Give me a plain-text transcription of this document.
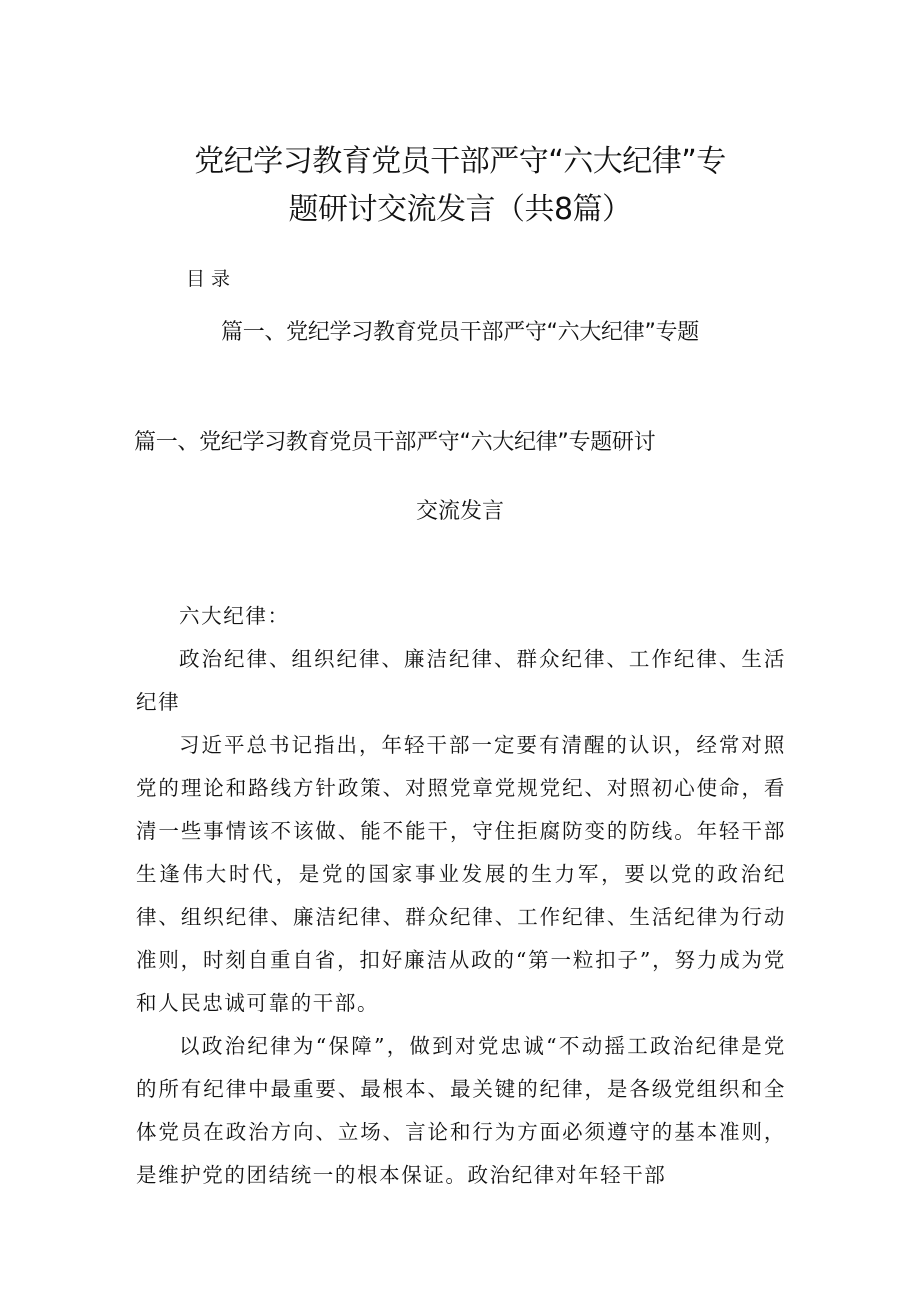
党纪学习教育党员干部严守“六大纪律”专
题研讨交流发言（共8篇）
目录
篇一、党纪学习教育党员干部严守“六大纪律”专题
篇一、党纪学习教育党员干部严守“六大纪律”专题研讨
交流发言

六大纪律：

政治纪律、组织纪律、廉洁纪律、群众纪律、工作纪律、生活纪律

习近平总书记指出，年轻干部一定要有清醒的认识，经常对照党的理论和路线方针政策、对照党章党规党纪、对照初心使命，看清一些事情该不该做、能不能干，守住拒腐防变的防线。年轻干部生逢伟大时代，是党的国家事业发展的生力军，要以党的政治纪律、组织纪律、廉洁纪律、群众纪律、工作纪律、生活纪律为行动准则，时刻自重自省，扣好廉洁从政的“第一粒扣子”，努力成为党和人民忠诚可靠的干部。

以政治纪律为“保障”，做到对党忠诚“不动摇工政治纪律是党的所有纪律中最重要、最根本、最关键的纪律，是各级党组织和全体党员在政治方向、立场、言论和行为方面必须遵守的基本准则，是维护党的团结统一的根本保证。政治纪律对年轻干部
